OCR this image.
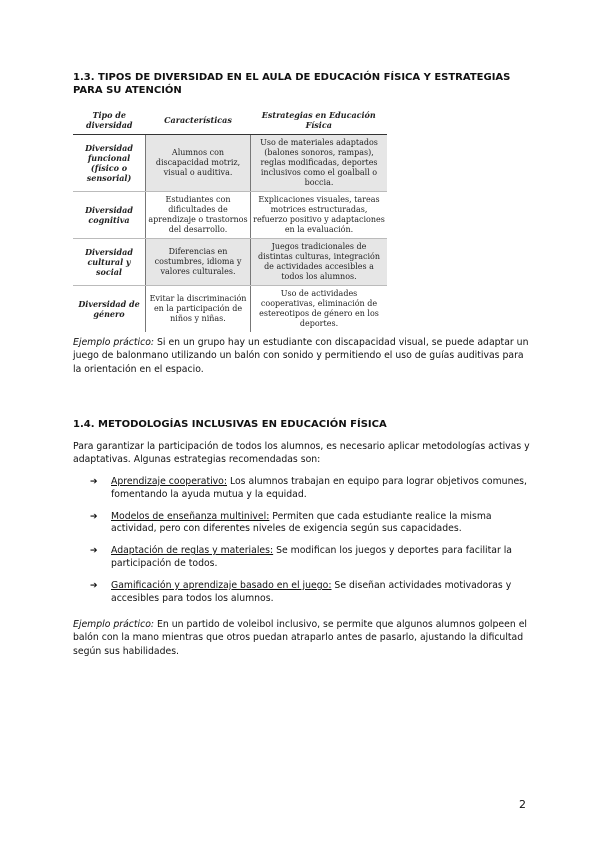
1.3. TIPOS DE DIVERSIDAD EN EL AULA DE EDUCACIÓN FÍSICA Y ESTRATEGIAS PARA SU ATENCIÓN
Tipo de diversidad	Características	Estrategias en Educación Física
Diversidad funcional (físico o sensorial)	Alumnos con discapacidad motriz, visual o auditiva.	Uso de materiales adaptados (balones sonoros, rampas), reglas modificadas, deportes inclusivos como el goalball o boccia.
Diversidad cognitiva	Estudiantes con dificultades de aprendizaje o trastornos del desarrollo.	Explicaciones visuales, tareas motrices estructuradas, refuerzo positivo y adaptaciones en la evaluación.
Diversidad cultural y social	Diferencias en costumbres, idioma y valores culturales.	Juegos tradicionales de distintas culturas, integración de actividades accesibles a todos los alumnos.
Diversidad de género	Evitar la discriminación en la participación de niños y niñas.	Uso de actividades cooperativas, eliminación de estereotipos de género en los deportes.

Ejemplo práctico: Si en un grupo hay un estudiante con discapacidad visual, se puede adaptar un juego de balonmano utilizando un balón con sonido y permitiendo el uso de guías auditivas para la orientación en el espacio.

1.4. METODOLOGÍAS INCLUSIVAS EN EDUCACIÓN FÍSICA

Para garantizar la participación de todos los alumnos, es necesario aplicar metodologías activas y adaptativas. Algunas estrategias recomendadas son:

➔ Aprendizaje cooperativo: Los alumnos trabajan en equipo para lograr objetivos comunes, fomentando la ayuda mutua y la equidad.
➔ Modelos de enseñanza multinivel: Permiten que cada estudiante realice la misma actividad, pero con diferentes niveles de exigencia según sus capacidades.
➔ Adaptación de reglas y materiales: Se modifican los juegos y deportes para facilitar la participación de todos.
➔ Gamificación y aprendizaje basado en el juego: Se diseñan actividades motivadoras y accesibles para todos los alumnos.

Ejemplo práctico: En un partido de voleibol inclusivo, se permite que algunos alumnos golpeen el balón con la mano mientras que otros puedan atraparlo antes de pasarlo, ajustando la dificultad según sus habilidades.

2
